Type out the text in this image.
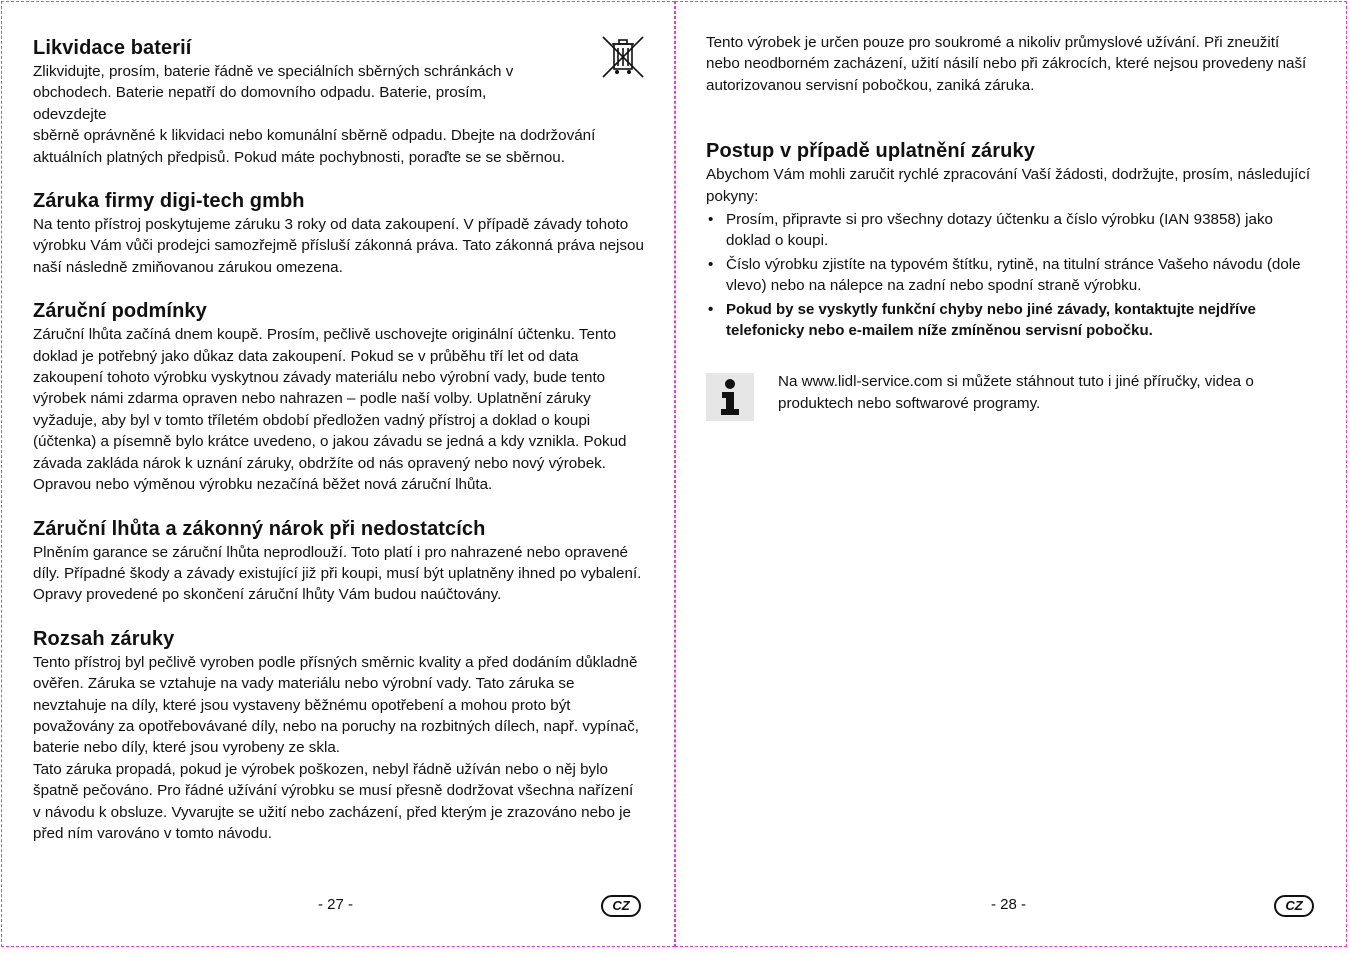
Likvidace baterií

Zlikvidujte, prosím, baterie řádně ve speciálních sběrných schránkách v obchodech. Baterie nepatří do domovního odpadu. Baterie, prosím, odevzdejte

sběrně oprávněné k likvidaci nebo komunální sběrně odpadu. Dbejte na dodržování aktuálních platných předpisů. Pokud máte pochybnosti, poraďte se se sběrnou.

Záruka firmy digi-tech gmbh

Na tento přístroj poskytujeme záruku 3 roky od data zakoupení. V případě závady tohoto výrobku Vám vůči prodejci samozřejmě přísluší zákonná práva. Tato zákonná práva nejsou naší následně zmiňovanou zárukou omezena.

Záruční podmínky

Záruční lhůta začíná dnem koupě. Prosím, pečlivě uschovejte originální účtenku. Tento doklad je potřebný jako důkaz data zakoupení. Pokud se v průběhu tří let od data zakoupení tohoto výrobku vyskytnou závady materiálu nebo výrobní vady, bude tento výrobek námi zdarma opraven nebo nahrazen – podle naší volby. Uplatnění záruky vyžaduje, aby byl v tomto tříletém období předložen vadný přístroj a doklad o koupi (účtenka) a písemně bylo krátce uvedeno, o jakou závadu se jedná a kdy vznikla. Pokud závada zakláda nárok k uznání záruky, obdržíte od nás opravený nebo nový výrobek. Opravou nebo výměnou výrobku nezačíná běžet nová záruční lhůta.

Záruční lhůta a zákonný nárok při nedostatcích

Plněním garance se záruční lhůta neprodlouží. Toto platí i pro nahrazené nebo opravené díly. Případné škody a závady existující již při koupi, musí být uplatněny ihned po vybalení. Opravy provedené po skončení záruční lhůty Vám budou naúčtovány.

Rozsah záruky

Tento přístroj byl pečlivě vyroben podle přísných směrnic kvality a před dodáním důkladně ověřen. Záruka se vztahuje na vady materiálu nebo výrobní vady. Tato záruka se nevztahuje na díly, které jsou vystaveny běžnému opotřebení a mohou proto být považovány za opotřebovávané díly, nebo na poruchy na rozbitných dílech, např. vypínač, baterie nebo díly, které jsou vyrobeny ze skla.

Tato záruka propadá, pokud je výrobek poškozen, nebyl řádně užíván nebo o něj bylo špatně pečováno. Pro řádné užívání výrobku se musí přesně dodržovat všechna nařízení v návodu k obsluze. Vyvarujte se užití nebo zacházení, před kterým je zrazováno nebo je před ním varováno v tomto návodu.

- 27 -	CZ

Tento výrobek je určen pouze pro soukromé a nikoliv průmyslové užívání. Při zneužití nebo neodborném zacházení, užití násilí nebo při zákrocích, které nejsou provedeny naší autorizovanou servisní pobočkou, zaniká záruka.

Postup v případě uplatnění záruky

Abychom Vám mohli zaručit rychlé zpracování Vaší žádosti, dodržujte, prosím, následující pokyny:

• Prosím, připravte si pro všechny dotazy účtenku a číslo výrobku (IAN 93858) jako doklad o koupi.
• Číslo výrobku zjistíte na typovém štítku, rytině, na titulní stránce Vašeho návodu (dole vlevo) nebo na nálepce na zadní nebo spodní straně výrobku.
• Pokud by se vyskytly funkční chyby nebo jiné závady, kontaktujte nejdříve telefonicky nebo e-mailem níže zmíněnou servisní pobočku.

Na www.lidl-service.com si můžete stáhnout tuto i jiné příručky, videa o produktech nebo softwarové programy.

- 28 -	CZ
